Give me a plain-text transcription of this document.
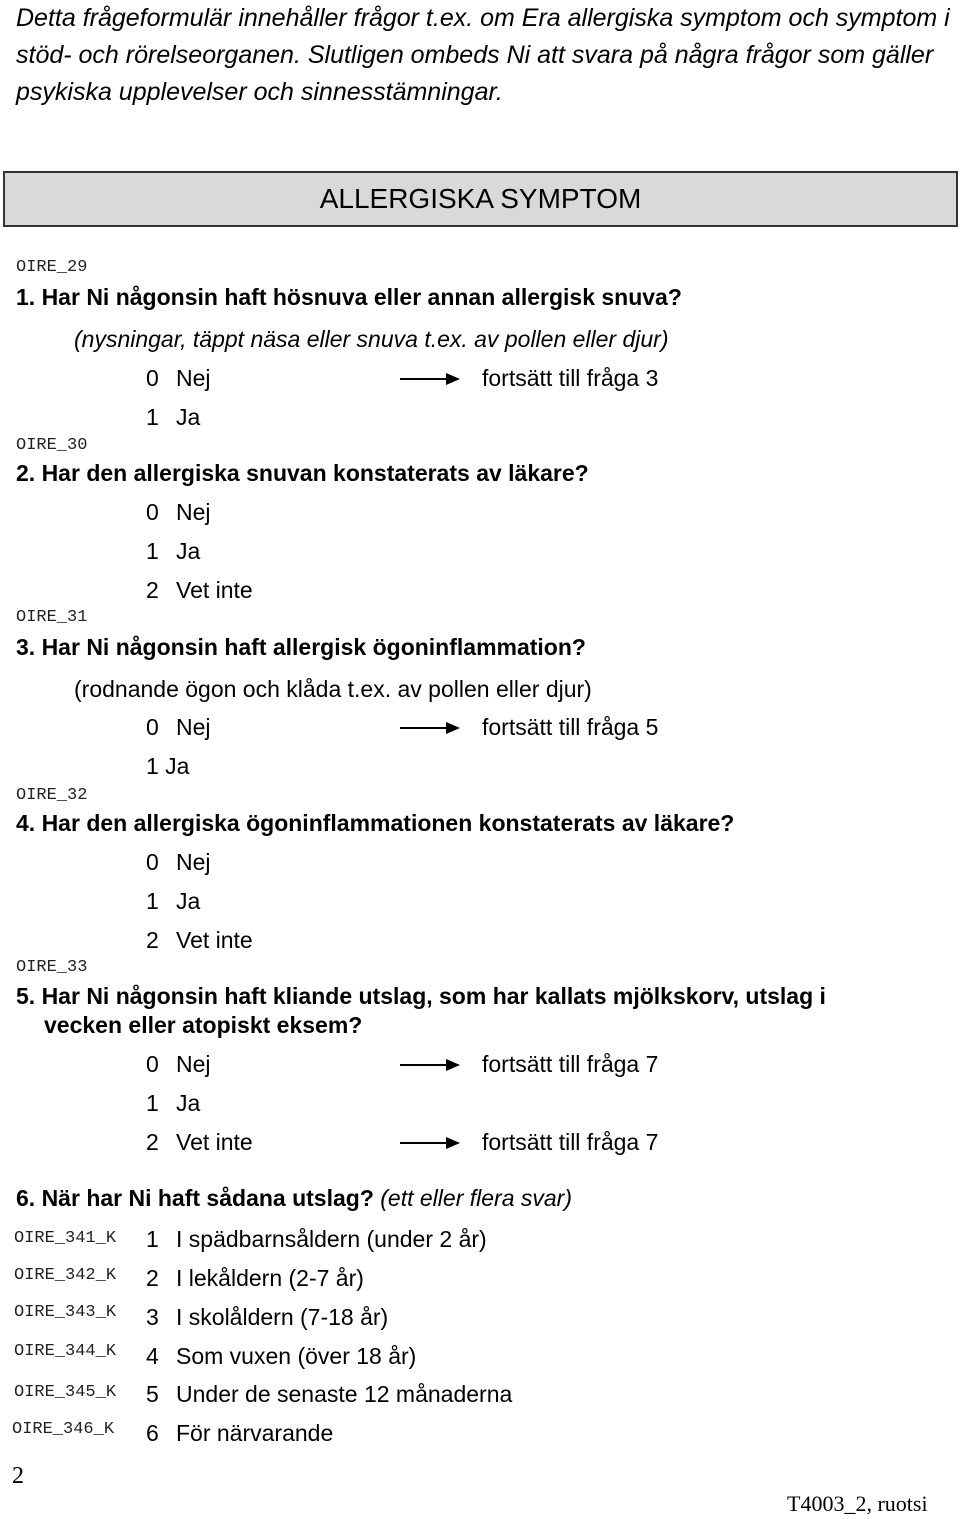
Detta frågeformulär innehåller frågor t.ex. om Era allergiska symptom och symptom i stöd- och rörelseorganen. Slutligen ombeds Ni att svara på några frågor som gäller psykiska upplevelser och sinnesstämningar.
ALLERGISKA SYMPTOM
OIRE_29
1. Har Ni någonsin haft hösnuva eller annan allergisk snuva?
(nysningar, täppt näsa eller snuva t.ex. av pollen eller djur)
0 Nej	fortsätt till fråga 3
1 Ja
OIRE_30
2. Har den allergiska snuvan konstaterats av läkare?
0 Nej
1 Ja
2 Vet inte
OIRE_31
3. Har Ni någonsin haft allergisk ögoninflammation?
(rodnande ögon och klåda t.ex. av pollen eller djur)
0 Nej	fortsätt till fråga 5
1 Ja
OIRE_32
4. Har den allergiska ögoninflammationen konstaterats av läkare?
0 Nej
1 Ja
2 Vet inte
OIRE_33
5. Har Ni någonsin haft kliande utslag, som har kallats mjölkskorv, utslag i
vecken eller atopiskt eksem?
0 Nej	fortsätt till fråga 7
1 Ja
2 Vet inte	fortsätt till fråga 7
6. När har Ni haft sådana utslag? (ett eller flera svar)
OIRE_341_K 1 I spädbarnsåldern (under 2 år)
OIRE_342_K 2 I lekåldern (2-7 år)
OIRE_343_K 3 I skolåldern (7-18 år)
OIRE_344_K 4 Som vuxen (över 18 år)
OIRE_345_K 5 Under de senaste 12 månaderna
OIRE_346_K 6 För närvarande
2
T4003_2, ruotsi
